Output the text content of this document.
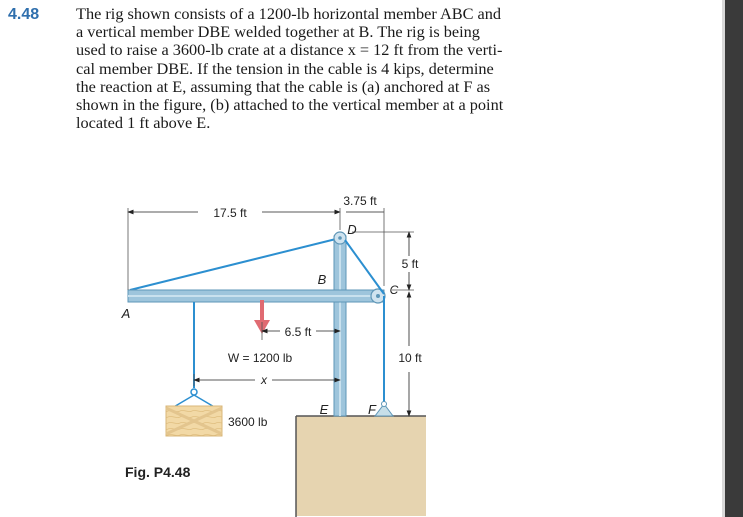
4.48 The rig shown consists of a 1200-lb horizontal member ABC and
a vertical member DBE welded together at B. The rig is being
used to raise a 3600-lb crate at a distance x = 12 ft from the verti-
cal member DBE. If the tension in the cable is 4 kips, determine
the reaction at E, assuming that the cable is (a) anchored at F as
shown in the figure, (b) attached to the vertical member at a point
located 1 ft above E.
17.5 ft
3.75 ft
5 ft
10 ft
6.5 ft
x
W = 1200 lb
3600 lb
A
B
C
D
E	F
Fig. P4.48
